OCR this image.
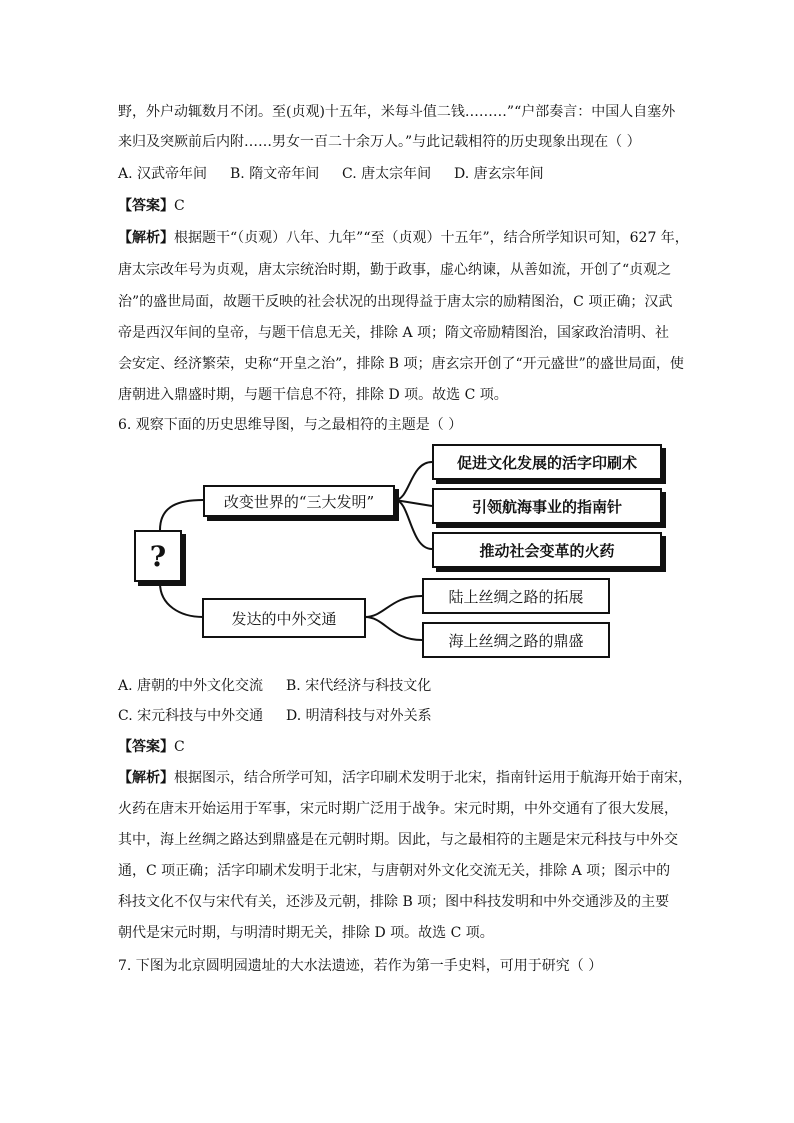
野，外户动辄数月不闭。至(贞观)十五年，米每斗值二钱………”“户部奏言：中国人自塞外
来归及突厥前后内附……男女一百二十余万人。”与此记载相符的历史现象出现在（ ）
A. 汉武帝年间 B. 隋文帝年间 C. 唐太宗年间 D. 唐玄宗年间
【答案】C
【解析】根据题干“（贞观）八年、九年”“至（贞观）十五年”，结合所学知识可知，627 年，
唐太宗改年号为贞观，唐太宗统治时期，勤于政事，虚心纳谏，从善如流，开创了“贞观之
治”的盛世局面，故题干反映的社会状况的出现得益于唐太宗的励精图治，C 项正确；汉武
帝是西汉年间的皇帝，与题干信息无关，排除 A 项；隋文帝励精图治，国家政治清明、社
会安定、经济繁荣，史称“开皇之治”，排除 B 项；唐玄宗开创了“开元盛世”的盛世局面，使
唐朝进入鼎盛时期，与题干信息不符，排除 D 项。故选 C 项。
6. 观察下面的历史思维导图，与之最相符的主题是（ ）
?
改变世界的“三大发明”
发达的中外交通
促进文化发展的活字印刷术
引领航海事业的指南针
推动社会变革的火药
陆上丝绸之路的拓展
海上丝绸之路的鼎盛
A. 唐朝的中外文化交流 B. 宋代经济与科技文化
C. 宋元科技与中外交通 D. 明清科技与对外关系
【答案】C
【解析】根据图示，结合所学可知，活字印刷术发明于北宋，指南针运用于航海开始于南宋，
火药在唐末开始运用于军事，宋元时期广泛用于战争。宋元时期，中外交通有了很大发展，
其中，海上丝绸之路达到鼎盛是在元朝时期。因此，与之最相符的主题是宋元科技与中外交
通，C 项正确；活字印刷术发明于北宋，与唐朝对外文化交流无关，排除 A 项；图示中的
科技文化不仅与宋代有关，还涉及元朝，排除 B 项；图中科技发明和中外交通涉及的主要
朝代是宋元时期，与明清时期无关，排除 D 项。故选 C 项。
7. 下图为北京圆明园遗址的大水法遗迹，若作为第一手史料，可用于研究（ ）
